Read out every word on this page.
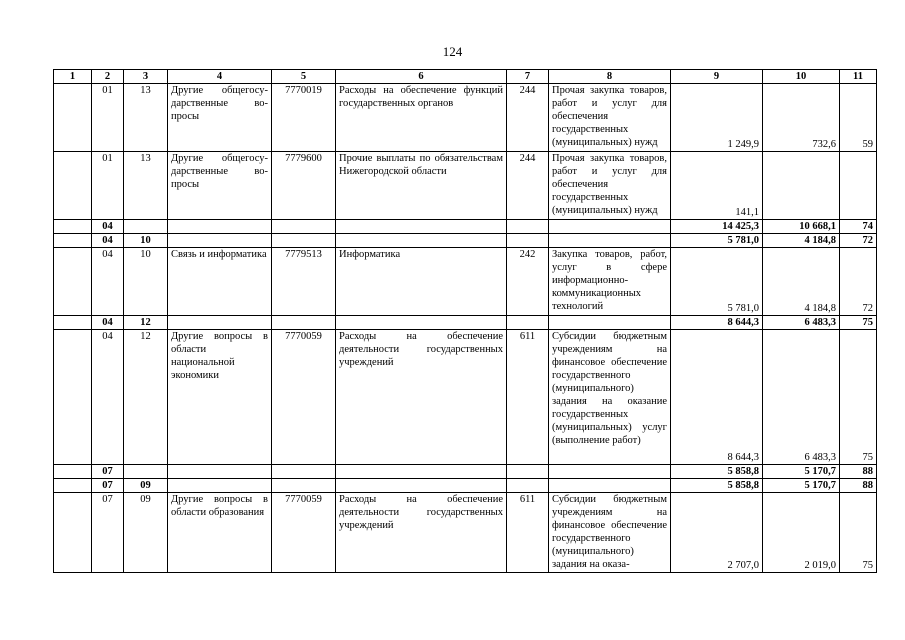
124
1	2	3	4	5	6	7	8	9	10	11
	01	13	Другие общегосу-дарственные во-просы	7770019	Расходы на обеспечение функций государственных органов	244	Прочая закупка товаров, работ и услуг для обеспечения государственных (муниципальных) нужд	1 249,9	732,6	59
	01	13	Другие общегосу-дарственные во-просы	7779600	Прочие выплаты по обязательствам Нижегородской области	244	Прочая закупка товаров, работ и услуг для обеспечения государственных (муниципальных) нужд	141,1		
	04							14 425,3	10 668,1	74
	04	10						5 781,0	4 184,8	72
	04	10	Связь и информатика	7779513	Информатика	242	Закупка товаров, работ, услуг в сфере информационно-коммуникационных технологий	5 781,0	4 184,8	72
	04	12						8 644,3	6 483,3	75
	04	12	Другие вопросы в области национальной экономики	7770059	Расходы на обеспечение деятельности государственных учреждений	611	Субсидии бюджетным учреждениям на финансовое обеспечение государственного (муниципального) задания на оказание государственных (муниципальных) услуг (выполнение работ)	8 644,3	6 483,3	75
	07							5 858,8	5 170,7	88
	07	09						5 858,8	5 170,7	88
	07	09	Другие вопросы в области образования	7770059	Расходы на обеспечение деятельности государственных учреждений	611	Субсидии бюджетным учреждениям на финансовое обеспечение государственного (муниципального) задания на оказа-	2 707,0	2 019,0	75
